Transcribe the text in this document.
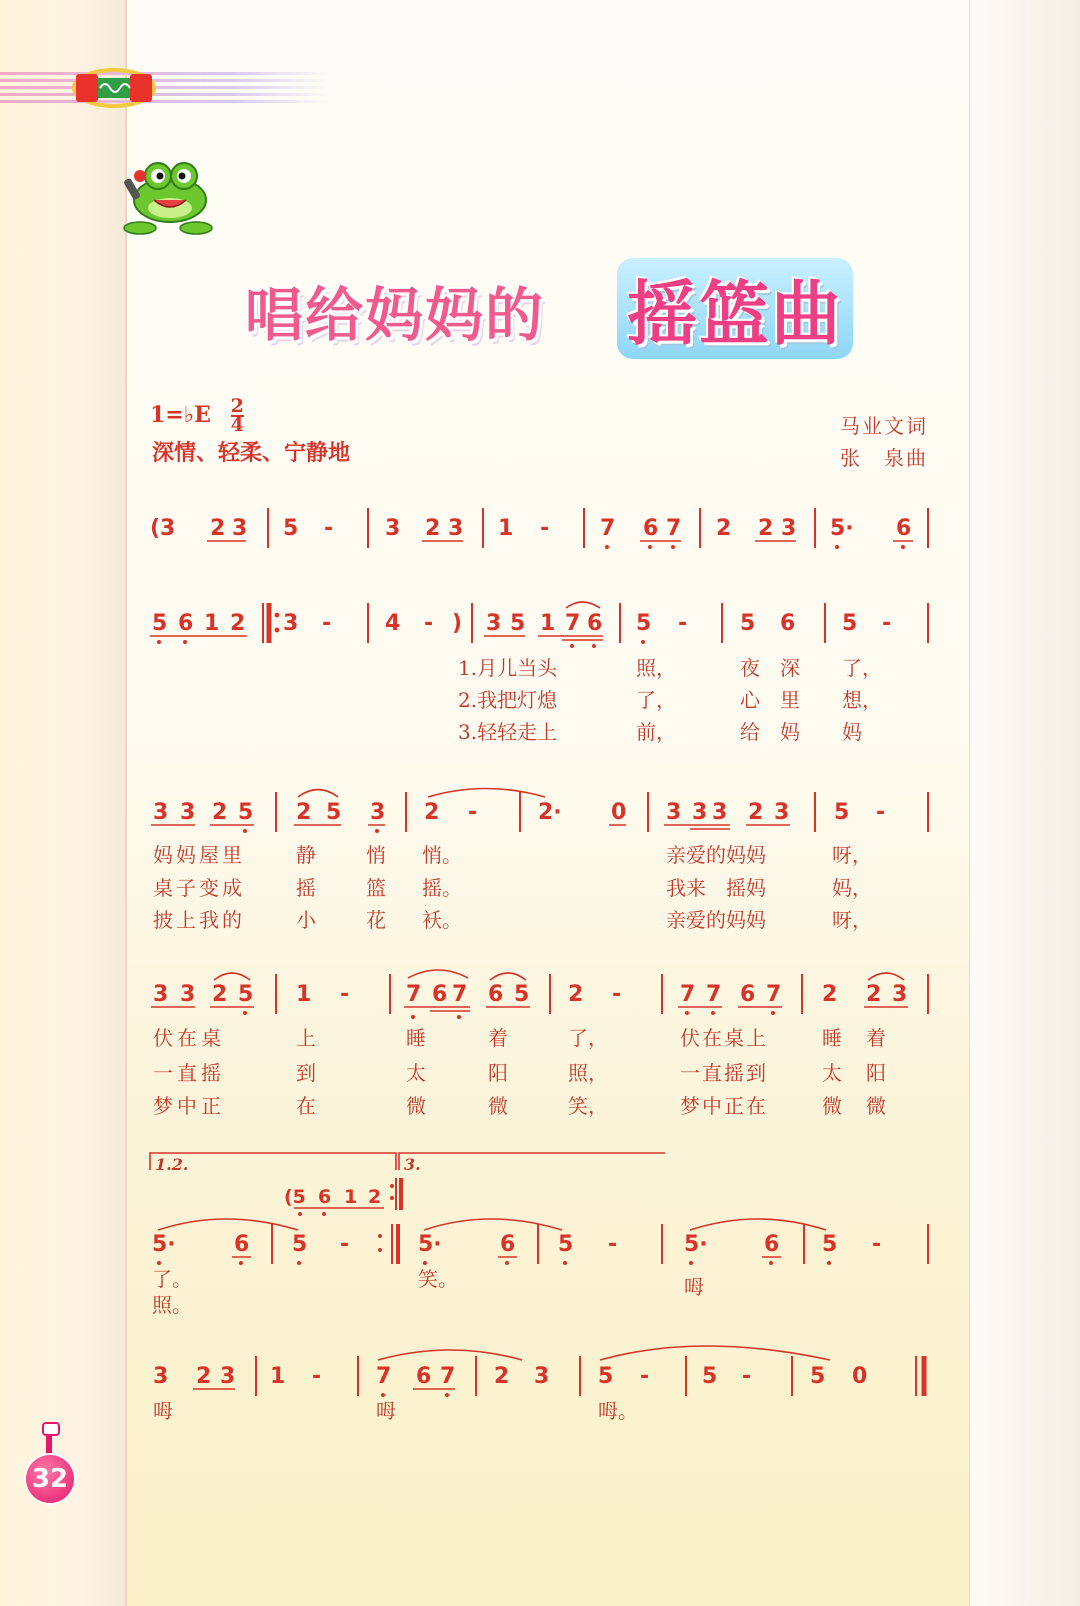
唱给妈妈的 摇篮曲
1=♭E $\frac{2}{4}$
深情、轻柔、宁静地
马业文词
张　泉曲
(3 2 3 5 - 3 2 3 1 - 7 6 7 2 2 3 5· 6
5 6 1 2 3 - 4 - ) 3 5 1 7 6 5 - 5 6 5 -
1.月儿当头	照，	夜 深 了，
2.我把灯熄	了，	心 里 想，
3.轻轻走上	前，	给 妈 妈
3 3 2 5 2 5 3 2 -	2· 0 3 3 3 2 3 5 -
妈妈屋里	静	悄 悄。	亲爱的妈妈	呀，
桌子变成	摇	篮 摇。	我来　摇妈	妈，
披上我的	小	花 袄。	亲爱的妈妈	呀，
3 3 2 5 1 -	7 6 7 6 5 2 -	7 7 6 7 2 2 3
伏在桌	上	睡	着	了，	伏在桌上	睡 着
一直摇	到	太	阳	照，	一直摇到	太 阳
梦中正	在	微	微	笑，	梦中正在	微 微
1.2.	3.
(5 6 1 2
5·	6 5 -	5·	6 5 -	5·	6 5 -
了。
照。
笑。	呣
3 2 3 1 - 7 6 7 2 3 5 - 5 -	5 0
呣	呣	呣。
32
